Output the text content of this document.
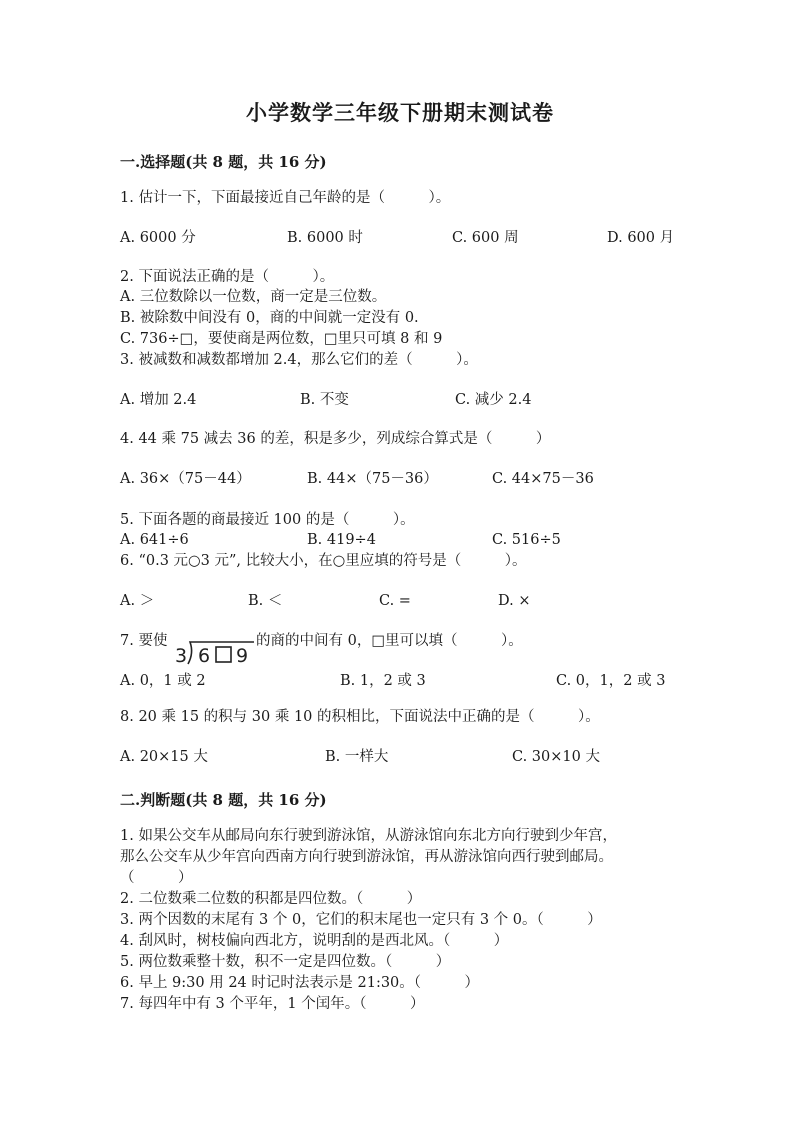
小学数学三年级下册期末测试卷
一.选择题(共 8 题，共 16 分)
1. 估计一下，下面最接近自己年龄的是（　　　）。
A. 6000 分	B. 6000 时	C. 600 周	D. 600 月
2. 下面说法正确的是（　　　）。
A. 三位数除以一位数，商一定是三位数。
B. 被除数中间没有 0，商的中间就一定没有 0.
C. 736÷□，要使商是两位数，□里只可填 8 和 9
3. 被减数和减数都增加 2.4，那么它们的差（　　　）。
A. 增加 2.4	B. 不变	C. 减少 2.4
4. 44 乘 75 减去 36 的差，积是多少，列成综合算式是（　　　）
A. 36×（75－44）	B. 44×（75－36）	C. 44×75－36
5. 下面各题的商最接近 100 的是（　　　）。
A. 641÷6	B. 419÷4	C. 516÷5
6. “0.3 元○3 元”, 比较大小，在○里应填的符号是（　　　）。
A. ＞	B. ＜	C. =	D. ×
7. 要使
3 6 9
的商的中间有 0，□里可以填（　　　）。
A. 0，1 或 2	B. 1，2 或 3	C. 0，1，2 或 3
8. 20 乘 15 的积与 30 乘 10 的积相比，下面说法中正确的是（　　　）。
A. 20×15 大	B. 一样大	C. 30×10 大
二.判断题(共 8 题，共 16 分)
1. 如果公交车从邮局向东行驶到游泳馆，从游泳馆向东北方向行驶到少年宫，
那么公交车从少年宫向西南方向行驶到游泳馆，再从游泳馆向西行驶到邮局。
（　　　）
2. 二位数乘二位数的积都是四位数。（　　　）
3. 两个因数的末尾有 3 个 0，它们的积末尾也一定只有 3 个 0。（　　　）
4. 刮风时，树枝偏向西北方，说明刮的是西北风。（　　　）
5. 两位数乘整十数，积不一定是四位数。（　　　）
6. 早上 9:30 用 24 时记时法表示是 21:30。（　　　）
7. 每四年中有 3 个平年，1 个闰年。（　　　）
